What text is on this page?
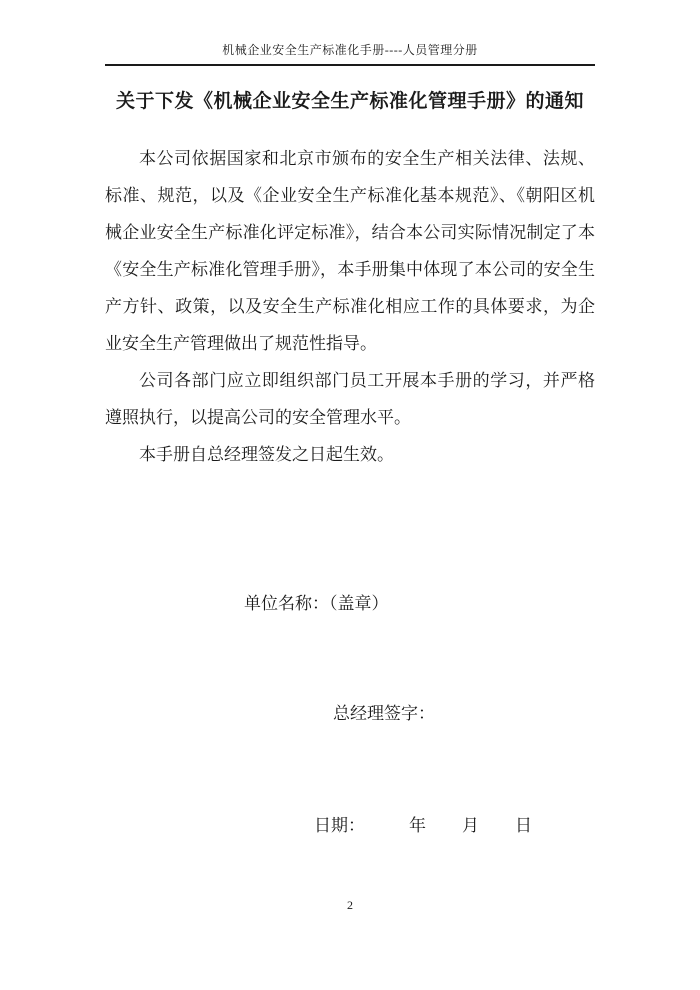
机械企业安全生产标准化手册----人员管理分册
关于下发《机械企业安全生产标准化管理手册》的通知

本公司依据国家和北京市颁布的安全生产相关法律、法规、标准、规范，以及《企业安全生产标准化基本规范》、《朝阳区机械企业安全生产标准化评定标准》，结合本公司实际情况制定了本《安全生产标准化管理手册》，本手册集中体现了本公司的安全生产方针、政策，以及安全生产标准化相应工作的具体要求，为企业安全生产管理做出了规范性指导。

公司各部门应立即组织部门员工开展本手册的学习，并严格遵照执行，以提高公司的安全管理水平。

本手册自总经理签发之日起生效。

单位名称：（盖章）
总经理签字：
日期：	年 月 日
2
